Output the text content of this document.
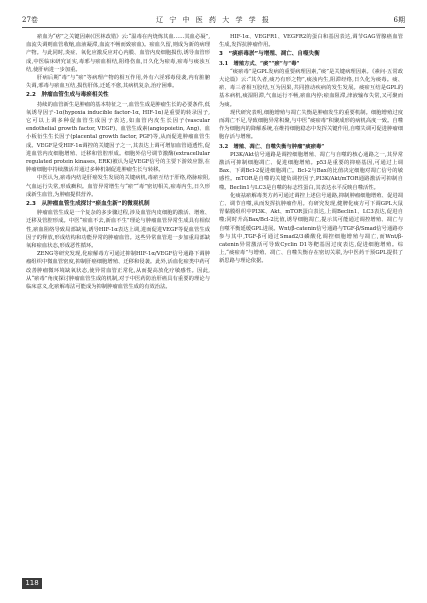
27卷	辽 宁 中 医 药 大 学 学 报	6期

瘀血为“痞”之关键因素(《医林改错》云:“温毒在内烧炼其血……其血必凝”,血流失调则血管收缩,血液凝滞,血流不畅而致瘀血)。瘀血久留,则成为新的病理产物。与此同时,炎症、氧化应激反应对心内膜、血管内皮细胞损伤,诱导血管形成,中医临床研究证实,毒邪与瘀血相结,阻络伤血,日久化为瘀毒,瘀毒与痰浊互结,使肝病进一步加重。

肝病后期“毒”与“瘀”等病理产物的相互作用,外有六淫邪毒侵袭,内有脏腑失调,邪毒与瘀血互结,损伤肝体,迁延不愈,其病机复杂,治疗困难。

2.2　肿瘤血管生成与毒瘀相关性

持续的血管新生是肿瘤的基本特征之一,血管生成是肿瘤生长的必要条件,低氧诱导因子-1α(hypoxia inducible factor-1α, HIF-1α)是重要的转录因子,它可以上调多种促血管生成因子表达,如血管内皮生长因子(vascular endothelial growth factor, VEGF)、血管生成素(angiopoietin, Ang)、血小板衍生生长因子(placental growth factor, PGF)等,从而促进肿瘤血管生成。VEGF是受HIF-1α调控的关键因子之一,其表达上调可增加血管通透性,促进血管内皮细胞增殖、迁移和管腔形成。细胞外信号调节激酶(extracellular regulated protein kinases, ERK)被认为是VEGF信号的主要下游效应器,在肿瘤细胞中持续激活并通过多种机制促进肿瘤生长与转移。

中医认为,瘀毒内结是肝癌发生发展的关键病机,毒瘀互结于肝络,络脉瘀阻,气血运行失常,形成癥积。血管异常增生与“瘀”“毒”密切相关,瘀毒内生,日久形成新生血管,为肿瘤提供营养。

2.3　从肿瘤血管生成探讨“瘀血生新”的微观机制

肿瘤血管生成是一个复杂的多步骤过程,涉及血管内皮细胞的激活、增殖、迁移及管腔形成。中医“瘀血不去,新血不生”理论与肿瘤血管异常生成具有相似性,瘀血阻络导致局部缺氧,诱导HIF-1α表达上调,进而促进VEGF等促血管生成因子的释放,形成结构和功能异常的肿瘤血管。这些异常血管进一步加重局部缺氧和瘀血状态,形成恶性循环。

ZENG等研究发现,化瘀解毒方可通过抑制HIF-1α/VEGF信号通路下调肿瘤组织中微血管密度,抑制肝癌细胞增殖、迁移和侵袭。此外,活血化瘀类中药可改善肿瘤微环境缺氧状态,使异常血管正常化,从而提高放化疗敏感性。因此,从“瘀毒”角度探讨肿瘤血管生成的机制,对于中医药防治肝癌具有重要的理论与临床意义,化瘀解毒法可能成为抑制肿瘤血管生成的有效治法。

HIF-1α、VEGFR1、VEGFR2的蛋白和基因表达,调节GAG胃腺癌血管生成,发挥抗肿瘤作用。

3　“痰瘀毒淤”与增殖、凋亡、自噬失衡

3.1　增殖方式、“痰”“瘀”与“毒”

“痰瘀毒”是GPL发病的重要病理因素,“痰”是关键病理因素。《素问·五常政大论篇》云:“其久者,痰乃有形之物”,痰浊内生,阻滞经络,日久化为痰毒。痰、瘀、毒三者相互胶结,互为因果,共同推动疾病的发生发展。痰瘀互结是GPL的基本病机,痰湿阻滞,气血运行不畅,瘀血内停;瘀血阻滞,津液输布失常,又可聚而为痰。

现代研究表明,细胞增殖与凋亡失衡是肿瘤发生的重要机制。细胞增殖过度而凋亡不足,导致细胞异常积聚,与中医“痰瘀毒”积聚成形的病机高度一致。自噬作为细胞内的降解系统,在维持细胞稳态中发挥关键作用,自噬失调可促进肿瘤细胞存活与增殖。

3.2　增殖、凋亡、自噬失衡与肿瘤“痰瘀毒”

PI3K/Akt信号通路是调控细胞增殖、凋亡与自噬的核心通路之一,其异常激活可抑制细胞凋亡、促进细胞增殖。p53是重要的抑癌基因,可通过上调Bax、下调Bcl-2促进细胞凋亡。Bcl-2与Bax的比值决定细胞对凋亡信号的敏感性。mTOR是自噬的关键负调控因子,PI3K/Akt/mTOR通路激活可抑制自噬。Beclin1与LC3是自噬的标志性蛋白,其表达水平反映自噬活性。

化痰祛瘀解毒类方药可通过调控上述信号通路,抑制肿瘤细胞增殖、促进凋亡、调节自噬,从而发挥抗肿瘤作用。有研究发现,健脾化痰方可下调GPL大鼠胃黏膜组织中PI3K、Akt、mTOR蛋白表达,上调Beclin1、LC3表达,促进自噬;同时升高Bax/Bcl-2比值,诱导细胞凋亡,提示其可能通过调控增殖、凋亡与自噬平衡延缓GPL进展。Wnt/β-catenin信号通路与TGF-β/Smad信号通路亦参与其中,TGF-β可通过Smad2/3磷酸化调控细胞增殖与凋亡,而Wnt/β-catenin异常激活可导致Cyclin D1等靶基因过度表达,促进细胞增殖。综上,“痰瘀毒”与增殖、凋亡、自噬失衡存在密切关联,为中医药干预GPL提供了新思路与理论依据。

118
